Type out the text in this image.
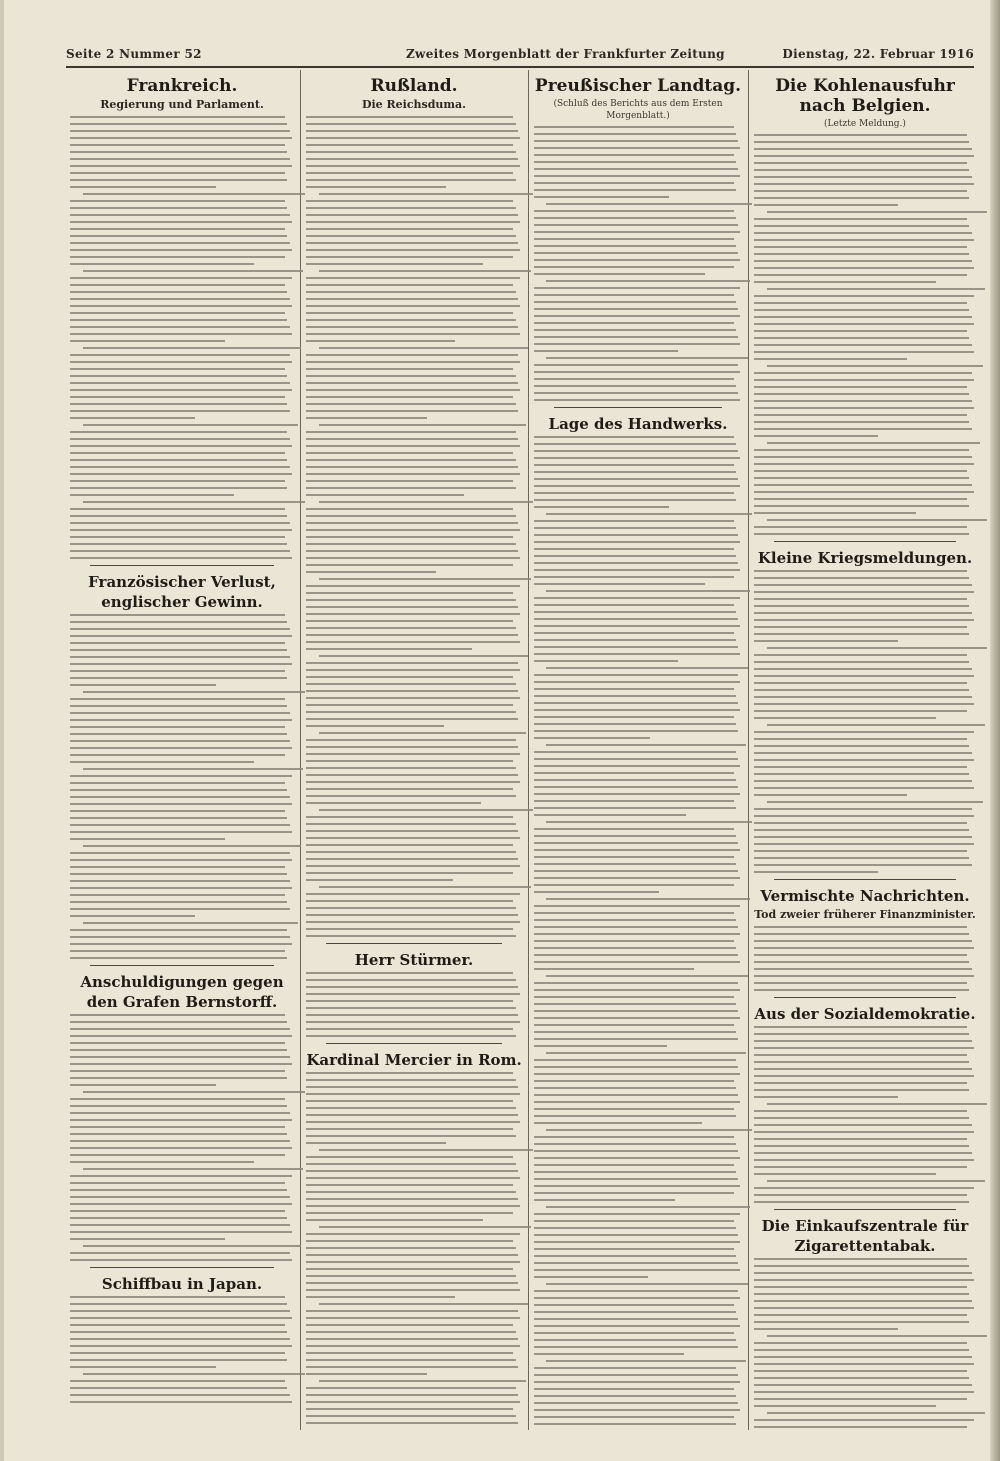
Seite 2 Nummer 52	Zweites Morgenblatt der Frankfurter Zeitung	Dienstag, 22. Februar 1916
Frankreich.
Regierung und Parlament.
Französischer Verlust, englischer Gewinn.
Anschuldigungen gegen den Grafen Bernstorff.
Schiffbau in Japan.
Rußland.
Die Reichsduma.
Herr Stürmer.
Kardinal Mercier in Rom.
Preußischer Landtag.
(Schluß des Berichts aus dem Ersten Morgenblatt.)
Lage des Handwerks.
Die Kohlenausfuhr nach Belgien.
(Letzte Meldung.)
Kleine Kriegsmeldungen.
Vermischte Nachrichten.
Tod zweier früherer Finanzminister.
Aus der Sozialdemokratie.
Die Einkaufszentrale für Zigarettentabak.
